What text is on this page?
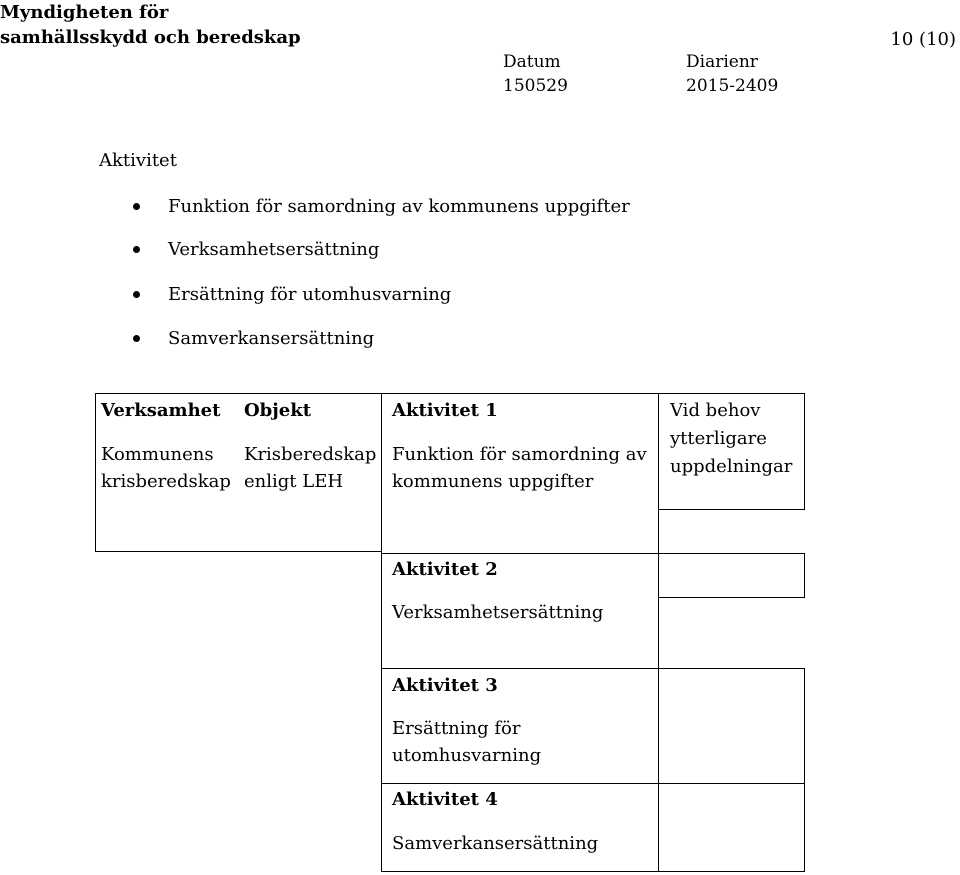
Myndigheten för
samhällsskydd och beredskap	10 (10)
Datum
150529
Diarienr
2015-2409
Aktivitet
Funktion för samordning av kommunens uppgifter
Verksamhetsersättning
Ersättning för utomhusvarning
Samverkansersättning
Verksamhet
Kommunens
krisberedskap
Objekt
Krisberedskap
enligt LEH
Aktivitet 1
Funktion för samordning av
kommunens uppgifter
Aktivitet 2
Verksamhetsersättning
Aktivitet 3
Ersättning för
utomhusvarning
Aktivitet 4
Samverkansersättning
Vid behov
ytterligare
uppdelningar
